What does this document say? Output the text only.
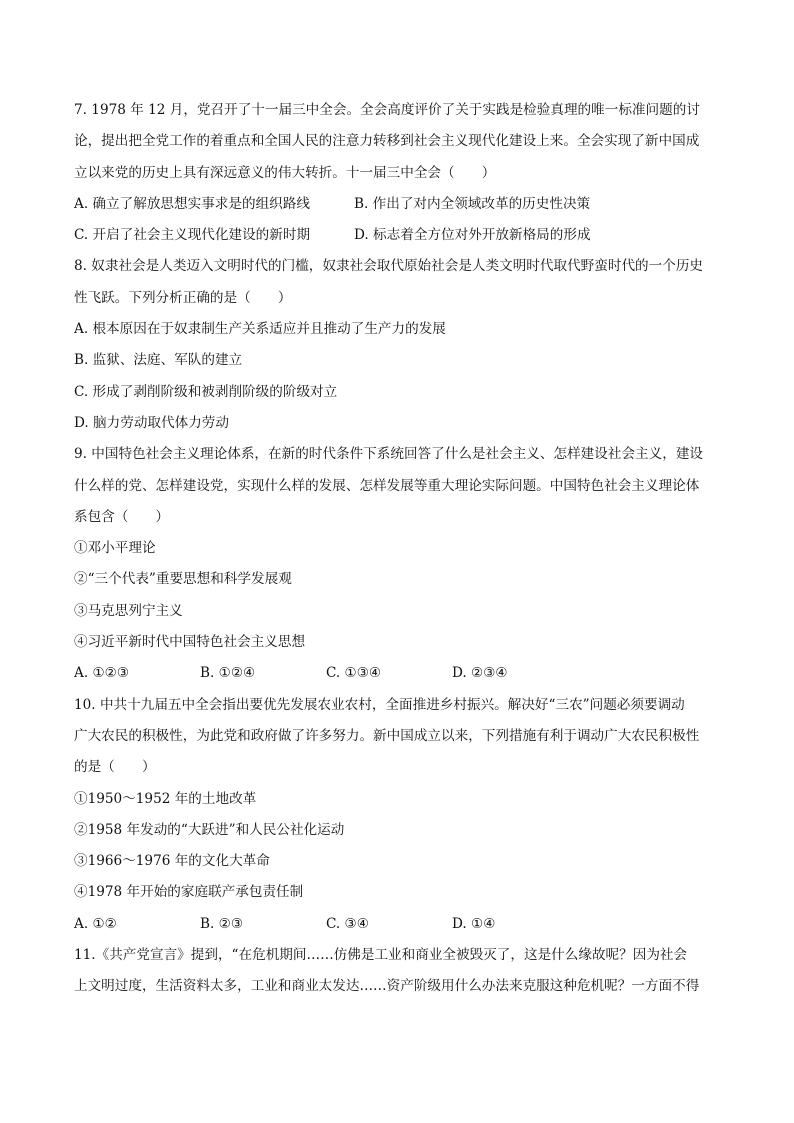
7. 1978 年 12 月，党召开了十一届三中全会。全会高度评价了关于实践是检验真理的唯一标准问题的讨
论，提出把全党工作的着重点和全国人民的注意力转移到社会主义现代化建设上来。全会实现了新中国成
立以来党的历史上具有深远意义的伟大转折。十一届三中全会（　　）
A. 确立了解放思想实事求是的组织路线	B. 作出了对内全领域改革的历史性决策
C. 开启了社会主义现代化建设的新时期	D. 标志着全方位对外开放新格局的形成
8. 奴隶社会是人类迈入文明时代的门槛，奴隶社会取代原始社会是人类文明时代取代野蛮时代的一个历史
性飞跃。下列分析正确的是（　　）
A. 根本原因在于奴隶制生产关系适应并且推动了生产力的发展
B. 监狱、法庭、军队的建立
C. 形成了剥削阶级和被剥削阶级的阶级对立
D. 脑力劳动取代体力劳动
9. 中国特色社会主义理论体系，在新的时代条件下系统回答了什么是社会主义、怎样建设社会主义，建设
什么样的党、怎样建设党，实现什么样的发展、怎样发展等重大理论实际问题。中国特色社会主义理论体
系包含（　　）
①邓小平理论
②“三个代表”重要思想和科学发展观
③马克思列宁主义
④习近平新时代中国特色社会主义思想
A. ①②③	B. ①②④	C. ①③④	D. ②③④
10. 中共十九届五中全会指出要优先发展农业农村，全面推进乡村振兴。解决好“三农”问题必须要调动
广大农民的积极性，为此党和政府做了许多努力。新中国成立以来，下列措施有利于调动广大农民积极性
的是（　　）
①1950～1952 年的土地改革
②1958 年发动的“大跃进”和人民公社化运动
③1966～1976 年的文化大革命
④1978 年开始的家庭联产承包责任制
A. ①②	B. ②③	C. ③④	D. ①④
11.《共产党宣言》提到，“在危机期间……仿佛是工业和商业全被毁灭了，这是什么缘故呢？因为社会
上文明过度，生活资料太多，工业和商业太发达……资产阶级用什么办法来克服这种危机呢？一方面不得
